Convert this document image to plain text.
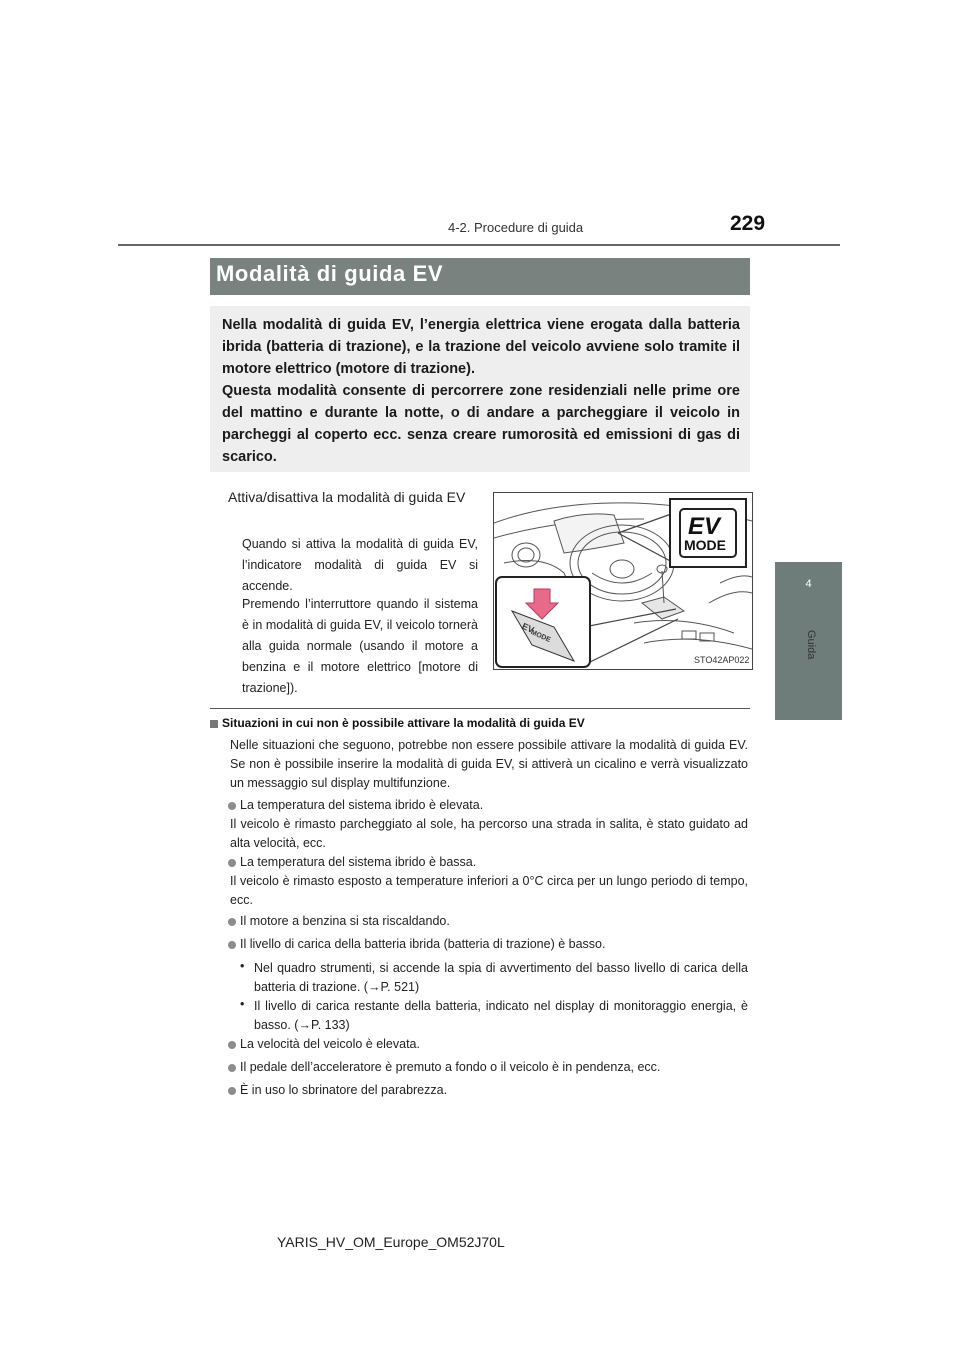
4-2. Procedure di guida	229
4
Guida
Modalità di guida EV
Nella modalità di guida EV, l’energia elettrica viene erogata dalla batteria ibrida (batteria di trazione), e la trazione del veicolo avviene solo tramite il motore elettrico (motore di trazione).
Questa modalità consente di percorrere zone residenziali nelle prime ore del mattino e durante la notte, o di andare a parcheggiare il veicolo in parcheggi al coperto ecc. senza creare rumorosità ed emissioni di gas di scarico.
Attiva/disattiva la modalità di guida EV
Quando si attiva la modalità di guida EV, l’indicatore modalità di guida EV si accende.
Premendo l’interruttore quando il sistema è in modalità di guida EV, il veicolo tornerà alla guida normale (usando il motore a benzina e il motore elettrico [motore di trazione]).
EV
MODE
EV
MODE
STO42AP022
Situazioni in cui non è possibile attivare la modalità di guida EV
Nelle situazioni che seguono, potrebbe non essere possibile attivare la modalità di guida EV. Se non è possibile inserire la modalità di guida EV, si attiverà un cicalino e verrà visualizzato un messaggio sul display multifunzione.
La temperatura del sistema ibrido è elevata.
Il veicolo è rimasto parcheggiato al sole, ha percorso una strada in salita, è stato guidato ad alta velocità, ecc.
La temperatura del sistema ibrido è bassa.
Il veicolo è rimasto esposto a temperature inferiori a 0°C circa per un lungo periodo di tempo, ecc.
Il motore a benzina si sta riscaldando.
Il livello di carica della batteria ibrida (batteria di trazione) è basso.
• Nel quadro strumenti, si accende la spia di avvertimento del basso livello di carica della batteria di trazione. (→P. 521)
• Il livello di carica restante della batteria, indicato nel display di monitoraggio energia, è basso. (→P. 133)
La velocità del veicolo è elevata.
Il pedale dell’acceleratore è premuto a fondo o il veicolo è in pendenza, ecc.
È in uso lo sbrinatore del parabrezza.
YARIS_HV_OM_Europe_OM52J70L
